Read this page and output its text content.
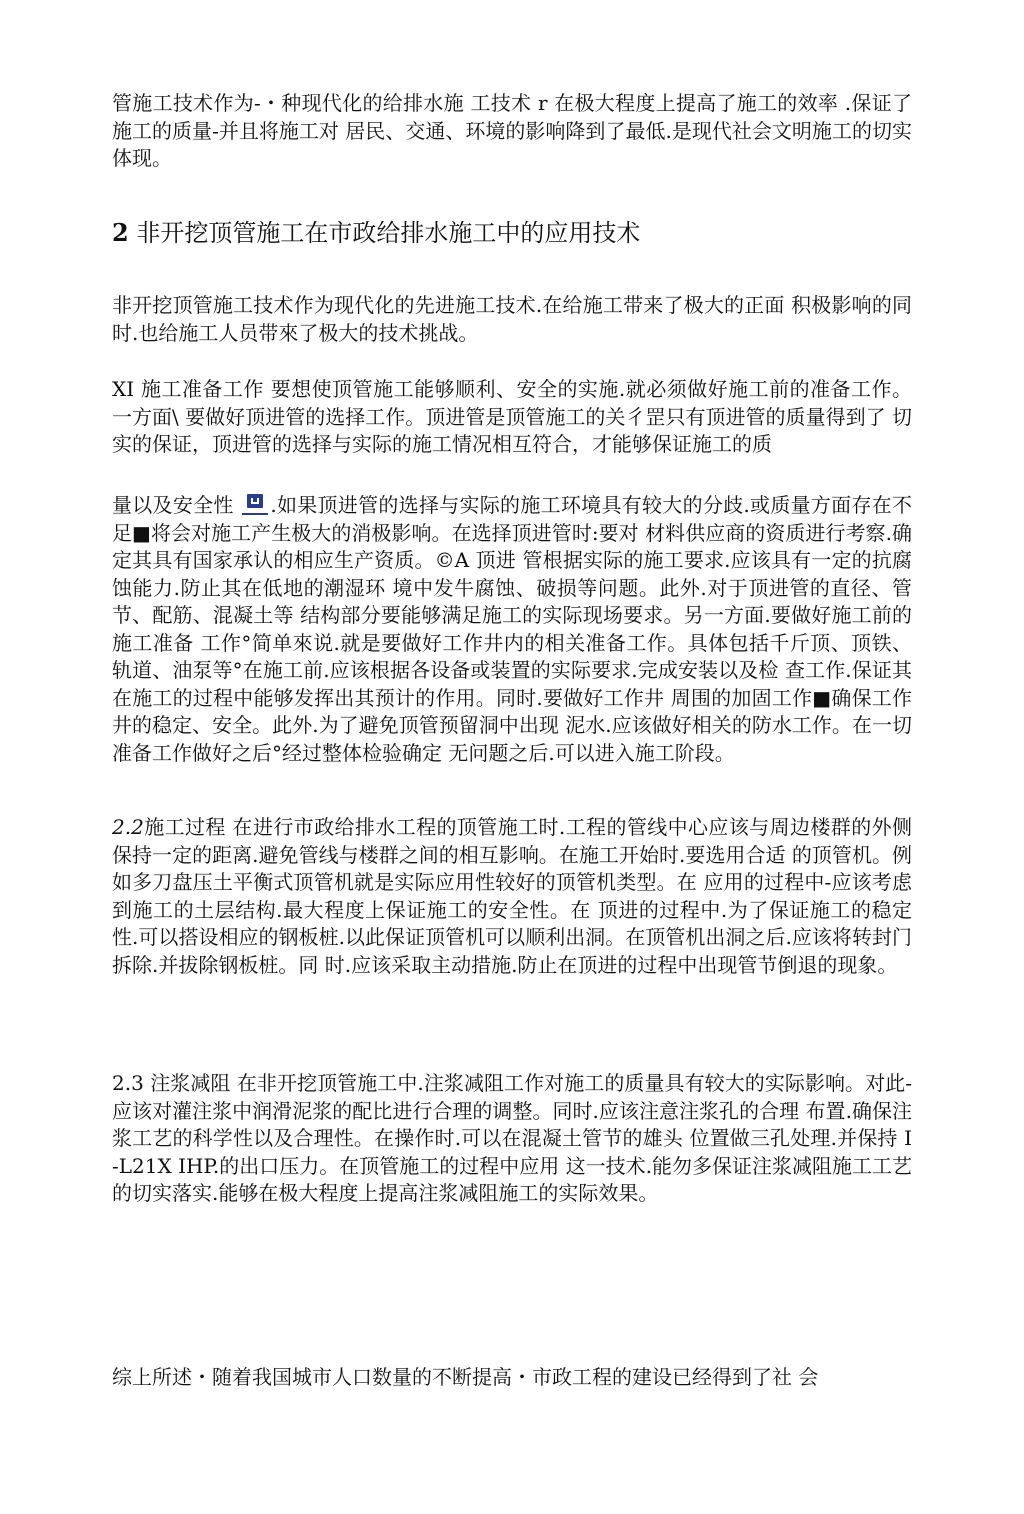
管施工技术作为-・种现代化的给排水施 工技术 r 在极大程度上提高了施工的效率 .保证了施工的质量-并且将施工对 居民、交通、环境的影响降到了最低.是现代社会文明施工的切实体现。

2 非开挖顶管施工在市政给排水施工中的应用技术

非开挖顶管施工技术作为现代化的先进施工技术.在给施工带来了极大的正面 积极影响的同时.也给施工人员带來了极大的技术挑战。

XI 施工准备工作 要想使顶管施工能够顺利、安全的实施.就必须做好施工前的准备工作。一方面\ 要做好顶进管的选择工作。顶进管是顶管施工的关彳罡只有顶进管的质量得到了 切实的保证，顶进管的选择与实际的施工情况相互符合，才能够保证施工的质

量以及安全性 .如果顶进管的选择与实际的施工环境具有较大的分歧.或质量方面存在不足■将会对施工产生极大的消极影响。在选择顶进管时:要对 材料供应商的资质进行考察.确定其具有国家承认的相应生产资质。©A 顶进 管根据实际的施工要求.应该具有一定的抗腐蚀能力.防止其在低地的潮湿环 境中发牛腐蚀、破损等问题。此外.对于顶进管的直径、管节、配筋、混凝土等 结构部分要能够满足施工的实际现场要求。另一方面.要做好施工前的施工准备 工作°简单來说.就是要做好工作井内的相关准备工作。具体包括千斤顶、顶铁、 轨道、油泵等°在施工前.应该根据各设备或装置的实际要求.完成安装以及检 查工作.保证其在施工的过程中能够发挥出其预计的作用。同时.要做好工作井 周围的加固工作■确保工作井的稳定、安全。此外.为了避免顶管预留洞中出现 泥水.应该做好相关的防水工作。在一切准备工作做好之后°经过整体检验确定 无问题之后.可以进入施工阶段。

2.2施工过程 在进行市政给排水工程的顶管施工时.工程的管线中心应该与周边楼群的外侧 保持一定的距离.避免管线与楼群之间的相互影响。在施工开始时.要选用合适 的顶管机。例如多刀盘压土平衡式顶管机就是实际应用性较好的顶管机类型。在 应用的过程中-应该考虑到施工的土层结构.最大程度上保证施工的安全性。在 顶进的过程中.为了保证施工的稳定性.可以搭设相应的钢板桩.以此保证顶管机可以顺利出洞。在顶管机出洞之后.应该将转封门拆除.并拔除钢板桩。同 时.应该采取主动措施.防止在顶进的过程中出现管节倒退的现象。

2.3 注浆减阻 在非开挖顶管施工中.注浆减阻工作对施工的质量具有较大的实际影响。对此- 应该对灌注浆中润滑泥浆的配比进行合理的调整。同时.应该注意注浆孔的合理 布置.确保注浆工艺的科学性以及合理性。在操作时.可以在混凝土管节的雄头 位置做三孔处理.并保持 I-L21X IHP.的出口压力。在顶管施工的过程中应用 这一技术.能勿多保证注浆减阻施工工艺的切实落实.能够在极大程度上提高注浆减阻施工的实际效果。

综上所述・随着我国城市人口数量的不断提高・市政工程的建设已经得到了社 会
